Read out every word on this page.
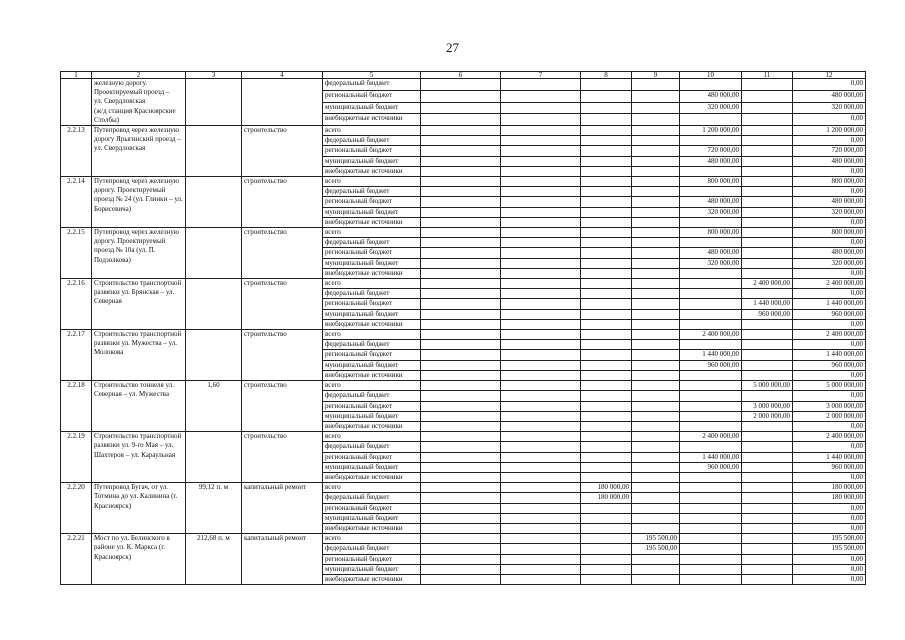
27
1	2	3	4	5	6	7	8	9	10	11	12
	железную дорогу.
Проектируемый проезд –
ул. Свердловская
(ж/д станция Красноярские Столбы)			федеральный бюджет							0,00
				региональный бюджет					480 000,00		480 000,00
				муниципальный бюджет					320 000,00		320 000,00
				внебюджетные источники							0,00
2.2.13	Путепровод через железную дорогу Ярыгинский проезд – ул. Свердловская		строительство	всего					1 200 000,00		1 200 000,00
				федеральный бюджет							0,00
				региональный бюджет					720 000,00		720 000,00
				муниципальный бюджет					480 000,00		480 000,00
				внебюджетные источники							0,00
2.2.14	Путепровод через железную дорогу. Проектируемый проезд № 24 (ул. Глинки – ул. Борисевича)		строительство	всего					800 000,00		800 000,00
				федеральный бюджет							0,00
				региональный бюджет					480 000,00		480 000,00
				муниципальный бюджет					320 000,00		320 000,00
				внебюджетные источники							0,00
2.2.15	Путепровод через железную дорогу. Проектируемый проезд № 10а (ул. П. Подзолкова)		строительство	всего					800 000,00		800 000,00
				федеральный бюджет							0,00
				региональный бюджет					480 000,00		480 000,00
				муниципальный бюджет					320 000,00		320 000,00
				внебюджетные источники							0,00
2.2.16	Строительство транспортной развязки ул. Брянская – ул. Северная		строительство	всего						2 400 000,00	2 400 000,00
				федеральный бюджет							0,00
				региональный бюджет						1 440 000,00	1 440 000,00
				муниципальный бюджет						960 000,00	960 000,00
				внебюджетные источники							0,00
2.2.17	Строительство транспортной развязки ул. Мужества – ул. Молокова		строительство	всего					2 400 000,00		2 400 000,00
				федеральный бюджет							0,00
				региональный бюджет					1 440 000,00		1 440 000,00
				муниципальный бюджет					960 000,00		960 000,00
				внебюджетные источники							0,00
2.2.18	Строительство тоннеля ул. Северная – ул. Мужества	1,60	строительство	всего						5 000 000,00	5 000 000,00
				федеральный бюджет							0,00
				региональный бюджет						3 000 000,00	3 000 000,00
				муниципальный бюджет						2 000 000,00	2 000 000,00
				внебюджетные источники							0,00
2.2.19	Строительство транспортной развязки ул. 9-го Мая – ул. Шахтеров – ул. Караульная		строительство	всего					2 400 000,00		2 400 000,00
				федеральный бюджет							0,00
				региональный бюджет					1 440 000,00		1 440 000,00
				муниципальный бюджет					960 000,00		960 000,00
				внебюджетные источники							0,00
2.2.20	Путепровод Бугач, от ул. Тотмина до ул. Калинина (г. Красноярск)	99,12 п. м	капитальный ремонт	всего			180 000,00				180 000,00
				федеральный бюджет			180 000,00				180 000,00
				региональный бюджет							0,00
				муниципальный бюджет							0,00
				внебюджетные источники							0,00
2.2.21	Мост по ул. Белинского в районе ул. К. Маркса (г. Красноярск)	212,68 п. м	капитальный ремонт	всего				195 500,00			195 500,00
				федеральный бюджет				195 500,00			195 500,00
				региональный бюджет							0,00
				муниципальный бюджет							0,00
				внебюджетные источники							0,00
